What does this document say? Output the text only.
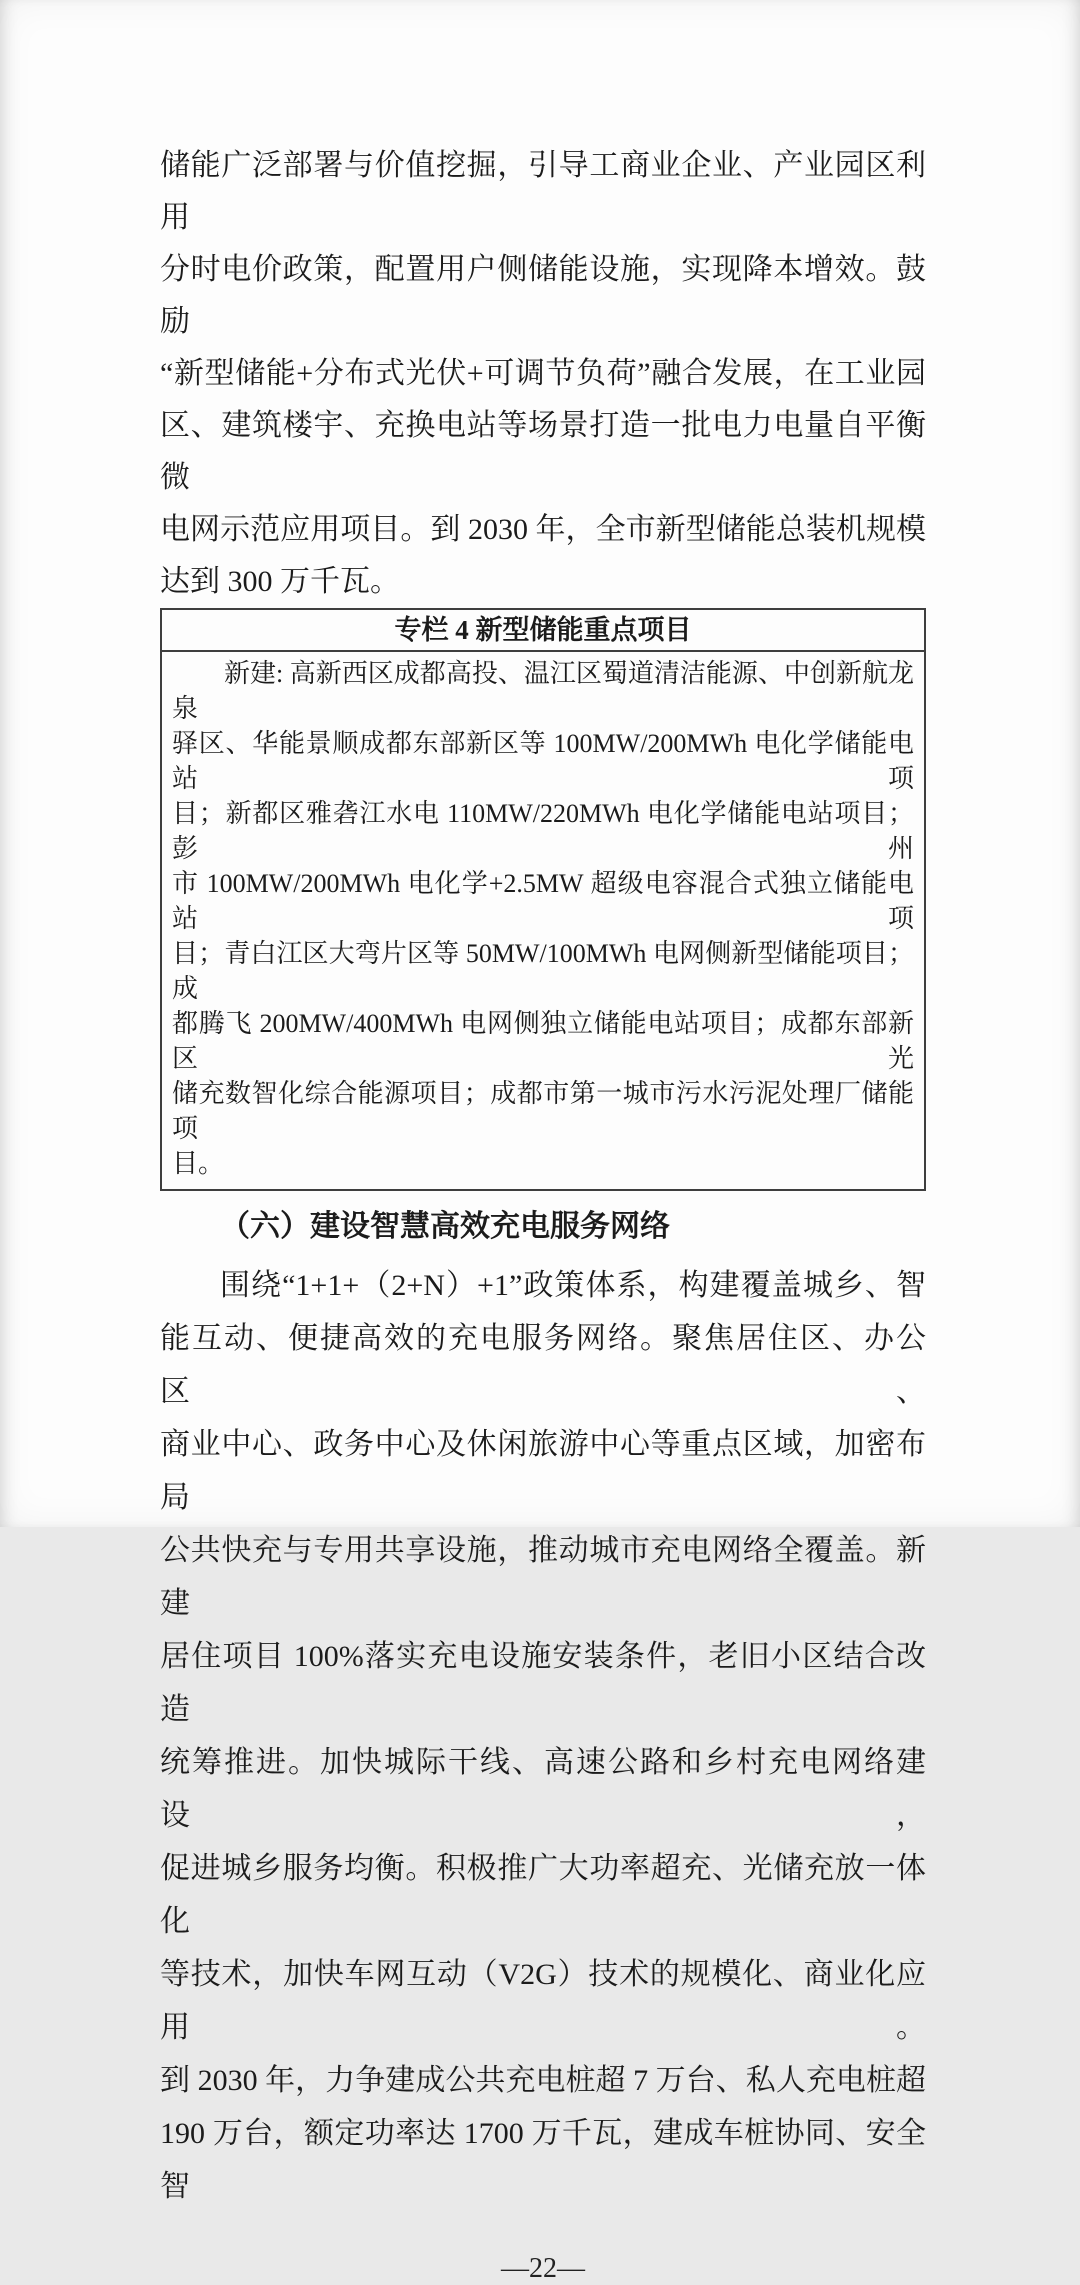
储能广泛部署与价值挖掘，引导工商业企业、产业园区利用
分时电价政策，配置用户侧储能设施，实现降本增效。鼓励
“新型储能+分布式光伏+可调节负荷”融合发展，在工业园
区、建筑楼宇、充换电站等场景打造一批电力电量自平衡微
电网示范应用项目。到 2030 年，全市新型储能总装机规模
达到 300 万千瓦。
专栏 4 新型储能重点项目
新建: 高新西区成都高投、温江区蜀道清洁能源、中创新航龙泉
驿区、华能景顺成都东部新区等 100MW/200MWh 电化学储能电站项
目；新都区雅砻江水电 110MW/220MWh 电化学储能电站项目；彭州
市 100MW/200MWh 电化学+2.5MW 超级电容混合式独立储能电站项
目；青白江区大弯片区等 50MW/100MWh 电网侧新型储能项目；成
都腾飞 200MW/400MWh 电网侧独立储能电站项目；成都东部新区光
储充数智化综合能源项目；成都市第一城市污水污泥处理厂储能项
目。
（六）建设智慧高效充电服务网络
围绕“1+1+（2+N）+1”政策体系，构建覆盖城乡、智
能互动、便捷高效的充电服务网络。聚焦居住区、办公区、
商业中心、政务中心及休闲旅游中心等重点区域，加密布局
公共快充与专用共享设施，推动城市充电网络全覆盖。新建
居住项目 100%落实充电设施安装条件，老旧小区结合改造
统筹推进。加快城际干线、高速公路和乡村充电网络建设，
促进城乡服务均衡。积极推广大功率超充、光储充放一体化
等技术，加快车网互动（V2G）技术的规模化、商业化应用。
到 2030 年，力争建成公共充电桩超 7 万台、私人充电桩超
190 万台，额定功率达 1700 万千瓦，建成车桩协同、安全智
—22—
